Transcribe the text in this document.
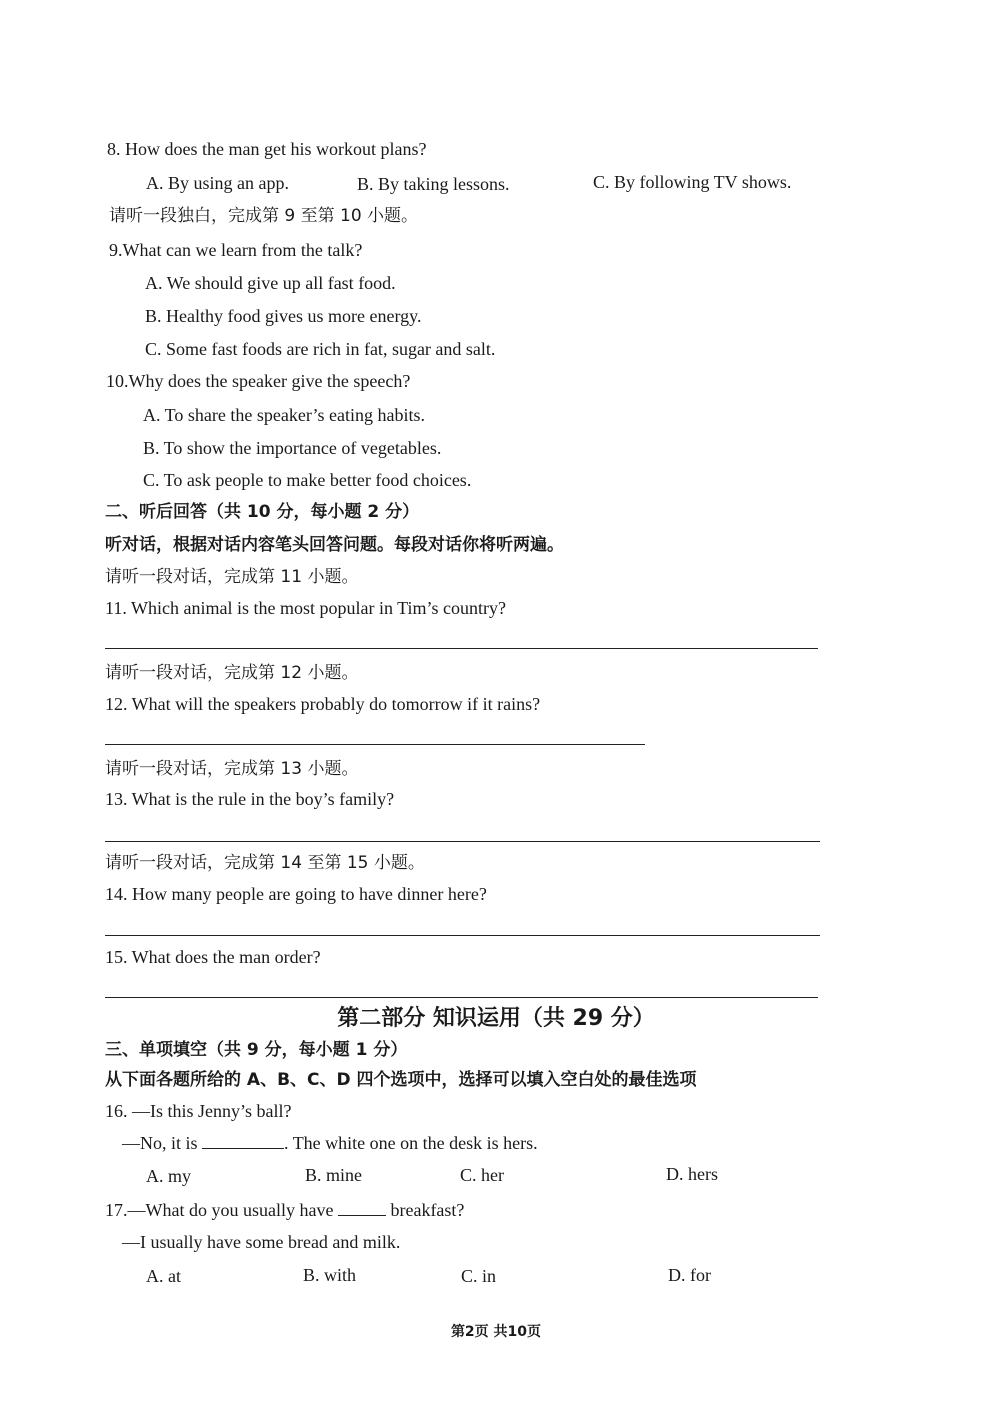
8. How does the man get his workout plans?
A. By using an app.	B. By taking lessons.	C. By following TV shows.
请听一段独白，完成第 9 至第 10 小题。
9.What can we learn from the talk?
A. We should give up all fast food.
B. Healthy food gives us more energy.
C. Some fast foods are rich in fat, sugar and salt.
10.Why does the speaker give the speech?
A. To share the speaker’s eating habits.
B. To show the importance of vegetables.
C. To ask people to make better food choices.
二、听后回答（共 10 分，每小题 2 分）
听对话，根据对话内容笔头回答问题。每段对话你将听两遍。
请听一段对话，完成第 11 小题。
11. Which animal is the most popular in Tim’s country?
请听一段对话，完成第 12 小题。
12. What will the speakers probably do tomorrow if it rains?
请听一段对话，完成第 13 小题。
13. What is the rule in the boy’s family?
请听一段对话，完成第 14 至第 15 小题。
14. How many people are going to have dinner here?
15. What does the man order?
第二部分 知识运用（共 29 分）
三、单项填空（共 9 分，每小题 1 分）
从下面各题所给的 A、B、C、D 四个选项中，选择可以填入空白处的最佳选项
16. —Is this Jenny’s ball?
—No, it is	. The white one on the desk is hers.
A. my	B. mine	C. her	D. hers
17.—What do you usually have	breakfast?
—I usually have some bread and milk.
A. at	B. with	C. in	D. for
第2页 共10页
